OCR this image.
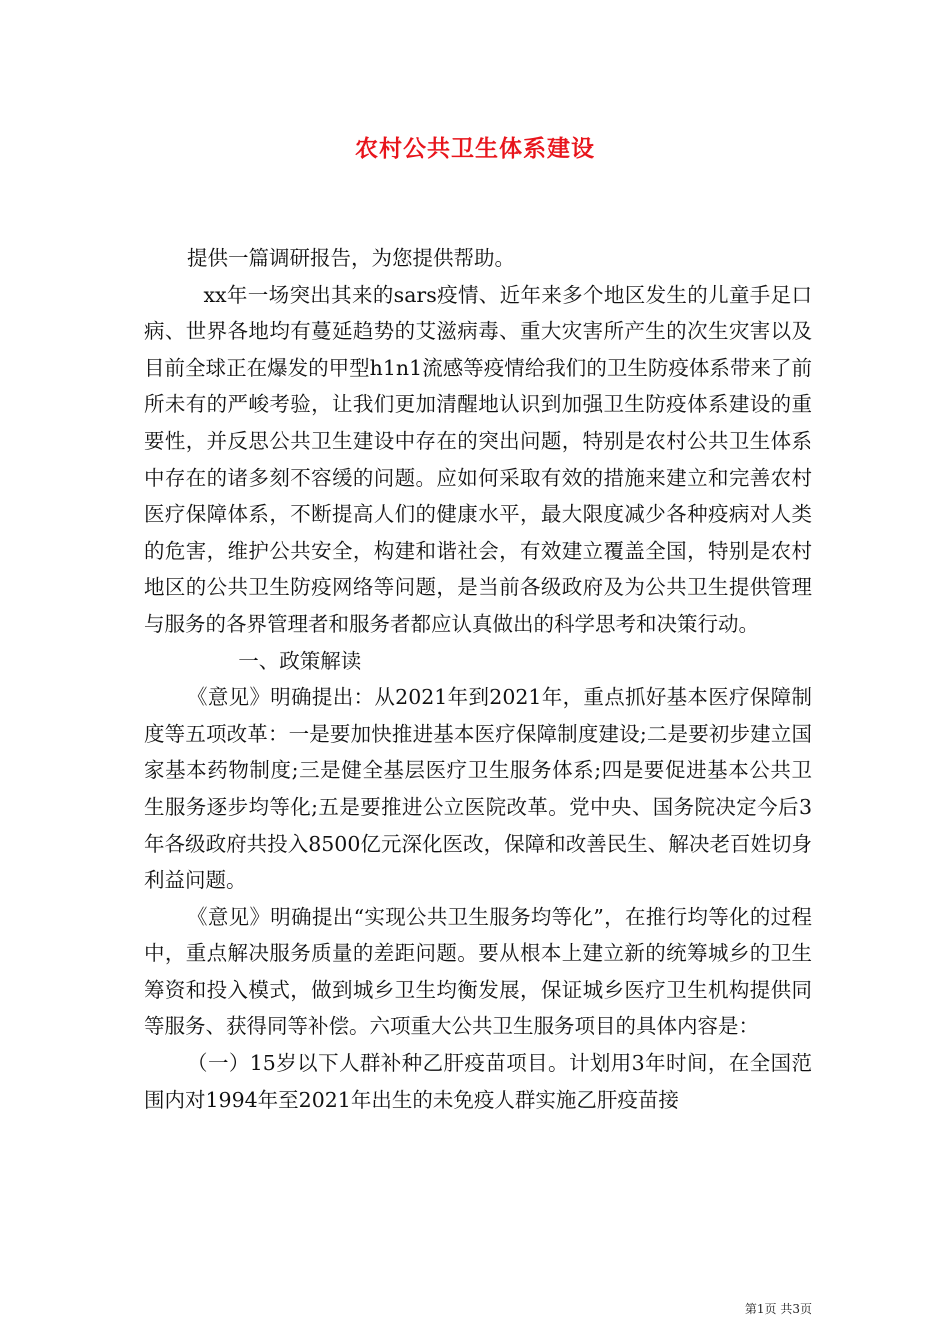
农村公共卫生体系建设

提供一篇调研报告，为您提供帮助。

xx年一场突出其来的sars疫情、近年来多个地区发生的儿童手足口病、世界各地均有蔓延趋势的艾滋病毒、重大灾害所产生的次生灾害以及目前全球正在爆发的甲型h1n1流感等疫情给我们的卫生防疫体系带来了前所未有的严峻考验，让我们更加清醒地认识到加强卫生防疫体系建设的重要性，并反思公共卫生建设中存在的突出问题，特别是农村公共卫生体系中存在的诸多刻不容缓的问题。应如何采取有效的措施来建立和完善农村医疗保障体系，不断提高人们的健康水平，最大限度减少各种疫病对人类的危害，维护公共安全，构建和谐社会，有效建立覆盖全国，特别是农村地区的公共卫生防疫网络等问题，是当前各级政府及为公共卫生提供管理与服务的各界管理者和服务者都应认真做出的科学思考和决策行动。

一、政策解读

《意见》明确提出：从2021年到2021年，重点抓好基本医疗保障制度等五项改革：一是要加快推进基本医疗保障制度建设;二是要初步建立国家基本药物制度;三是健全基层医疗卫生服务体系;四是要促进基本公共卫生服务逐步均等化;五是要推进公立医院改革。党中央、国务院决定今后3年各级政府共投入8500亿元深化医改，保障和改善民生、解决老百姓切身利益问题。

《意见》明确提出“实现公共卫生服务均等化”，在推行均等化的过程中，重点解决服务质量的差距问题。要从根本上建立新的统筹城乡的卫生筹资和投入模式，做到城乡卫生均衡发展，保证城乡医疗卫生机构提供同等服务、获得同等补偿。六项重大公共卫生服务项目的具体内容是：

（一）15岁以下人群补种乙肝疫苗项目。计划用3年时间，在全国范围内对1994年至2021年出生的未免疫人群实施乙肝疫苗接

第1页 共3页
